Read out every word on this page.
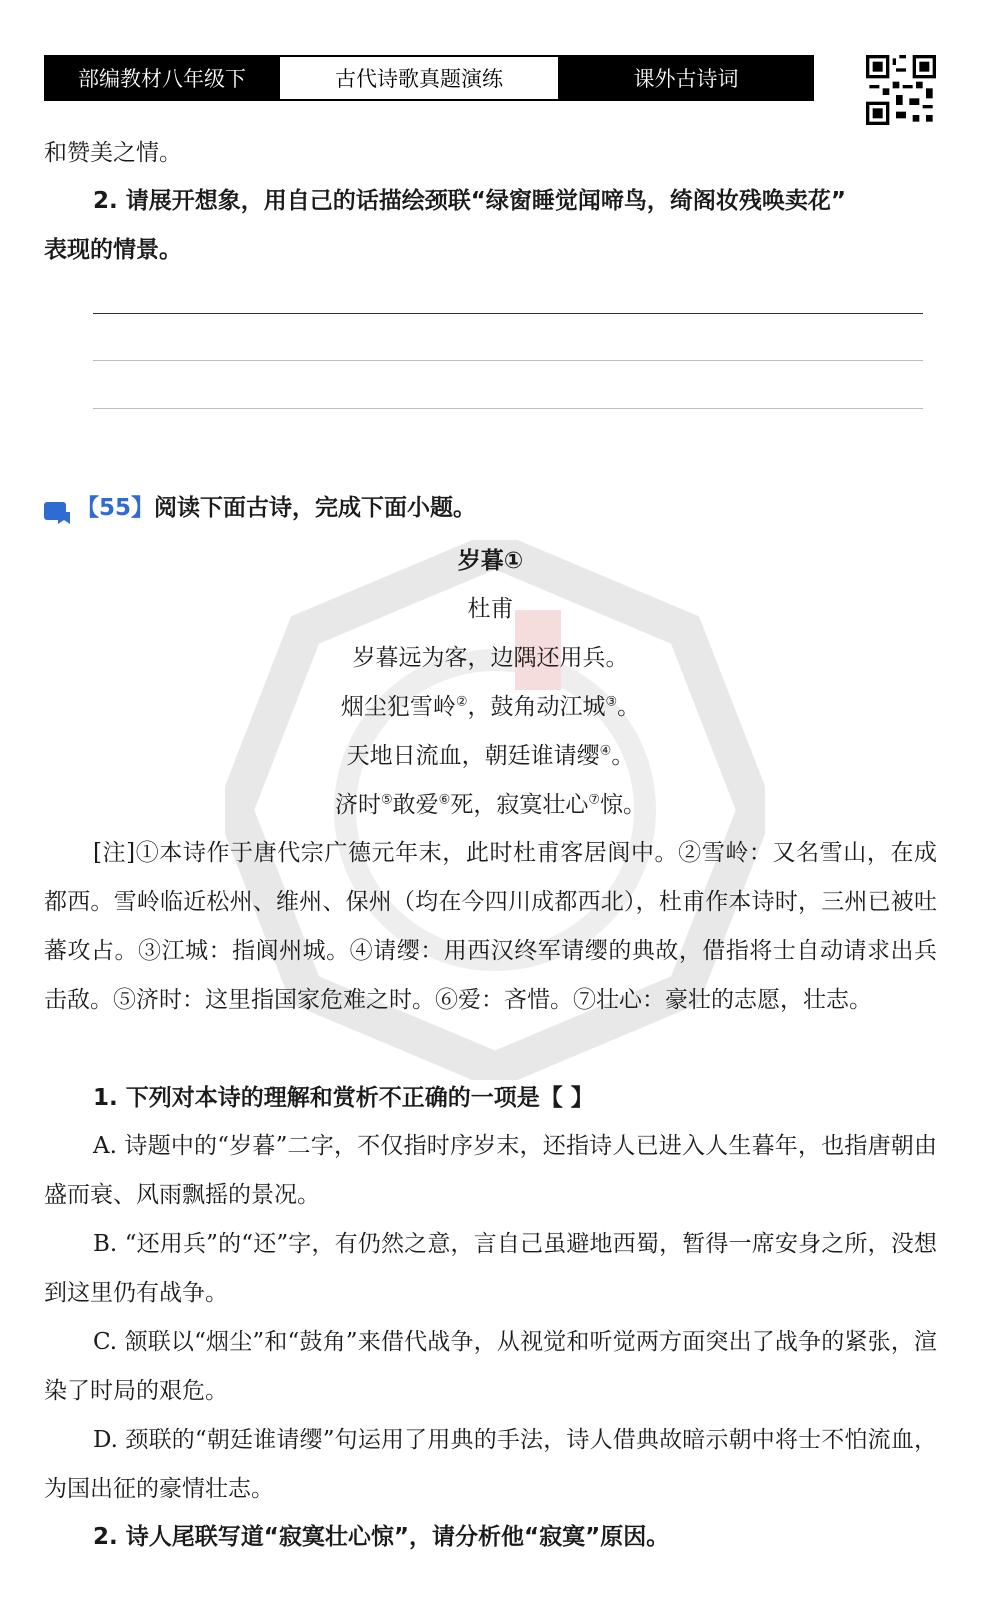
部编教材八年级下	古代诗歌真题演练	课外古诗词
和赞美之情。
2. 请展开想象，用自己的话描绘颈联“绿窗睡觉闻啼鸟，绮阁妆残唤卖花”
表现的情景。
【55】阅读下面古诗，完成下面小题。
岁暮①
杜甫
岁暮远为客，边隅还用兵。
烟尘犯雪岭②，鼓角动江城③。
天地日流血，朝廷谁请缨④。
济时⑤敢爱⑥死，寂寞壮心⑦惊。
[注]①本诗作于唐代宗广德元年末，此时杜甫客居阆中。②雪岭：又名雪山，在成都西。雪岭临近松州、维州、保州（均在今四川成都西北），杜甫作本诗时，三州已被吐蕃攻占。③江城：指阆州城。④请缨：用西汉终军请缨的典故，借指将士自动请求出兵击敌。⑤济时：这里指国家危难之时。⑥爱：吝惜。⑦壮心：豪壮的志愿，壮志。
1. 下列对本诗的理解和赏析不正确的一项是【 】
A. 诗题中的“岁暮”二字，不仅指时序岁末，还指诗人已进入人生暮年，也指唐朝由盛而衰、风雨飘摇的景况。
B. “还用兵”的“还”字，有仍然之意，言自己虽避地西蜀，暂得一席安身之所，没想到这里仍有战争。
C. 颔联以“烟尘”和“鼓角”来借代战争，从视觉和听觉两方面突出了战争的紧张，渲染了时局的艰危。
D. 颈联的“朝廷谁请缨”句运用了用典的手法，诗人借典故暗示朝中将士不怕流血，为国出征的豪情壮志。
2. 诗人尾联写道“寂寞壮心惊”，请分析他“寂寞”原因。
